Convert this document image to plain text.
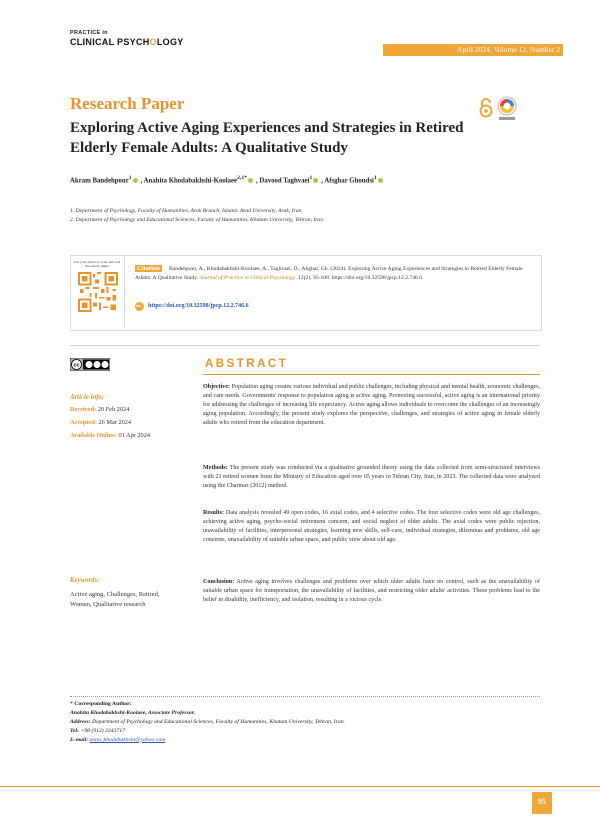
PRACTICE in
CLINICAL PSYCHOLOGY
April 2024, Volume 12, Number 2
Research Paper
Exploring Active Aging Experiences and Strategies in Retired Elderly Female Adults: A Qualitative Study
Akram Bandehpour$^1$ , Anahita Khodabakhshi-Koolaee$^{2,1*}$ , Davood Taghvaei$^1$ , Afsghar Ghoudsi$^1$
1. Department of Psychology, Faculty of Humanities, Arak Branch, Islamic Azad University, Arak, Iran.
2. Department of Psychology and Educational Sciences, Faculty of Humanities, Khatam University, Tehran, Iran.
Use your device to scan and read the article online	Bandehpour, A., Khodabakhshi-Koolaee, A., Taghvaei, D., Ahghar, Gh. (2024). Exploring Active Aging Experiences and Strategies in Retired Elderly Female Adults: A Qualitative Study. Journal of Practice in Clinical Psychology. 12(2), 95-108. https://doi.org/10.32598/jpcp.12.2.746.6
Citation
doi https://doi.org/10.32598/jpcp.12.2.746.6
cc
Article info:
Received: 20 Feb 2024
Accepted: 26 Mar 2024
Available Online: 01 Apr 2024
Keywords:
Active aging, Challenges, Retired, Women, Qualitative research
ABSTRACT
Objective: Population aging creates various individual and public challenges, including physical and mental health, economic challenges, and care needs. Governments' response to population aging is active aging. Promoting successful, active aging is an international priority for addressing the challenges of increasing life expectancy. Active aging allows individuals to overcome the challenges of an increasingly aging population. Accordingly, the present study explores the perspective, challenges, and strategies of active aging in female elderly adults who retired from the education department.
Methods: The present study was conducted via a qualitative grounded theory using the data collected from semi-structured interviews with 21 retired women from the Ministry of Education aged over 65 years in Tehran City, Iran, in 2023. The collected data were analyzed using the Charmaz (2012) method.
Results: Data analysis revealed 49 open codes, 16 axial codes, and 4 selective codes. The four selective codes were old age challenges, achieving active aging, psycho-social retirement concern, and social neglect of elder adults. The axial codes were public rejection, unavailability of facilities, interpersonal strategies, learning new skills, self-care, individual strategies, dilemmas and problems, old age concerns, unavailability of suitable urban space, and public view about old age.
Conclusion: Active aging involves challenges and problems over which older adults have no control, such as the unavailability of suitable urban space for transportation, the unavailability of facilities, and restricting older adults' activities. These problems lead to the belief in disability, inefficiency, and isolation, resulting in a vicious cycle.
* Corresponding Author:
Anahita Khodabakhshi-Koolaee, Associate Professor.
Address: Department of Psychology and Educational Sciences, Faculty of Humanities, Khatam University, Tehran, Iran.
Tel: +98 (912) 2343717
E-mail: anna_khodabakhshi@yahoo.com
95
